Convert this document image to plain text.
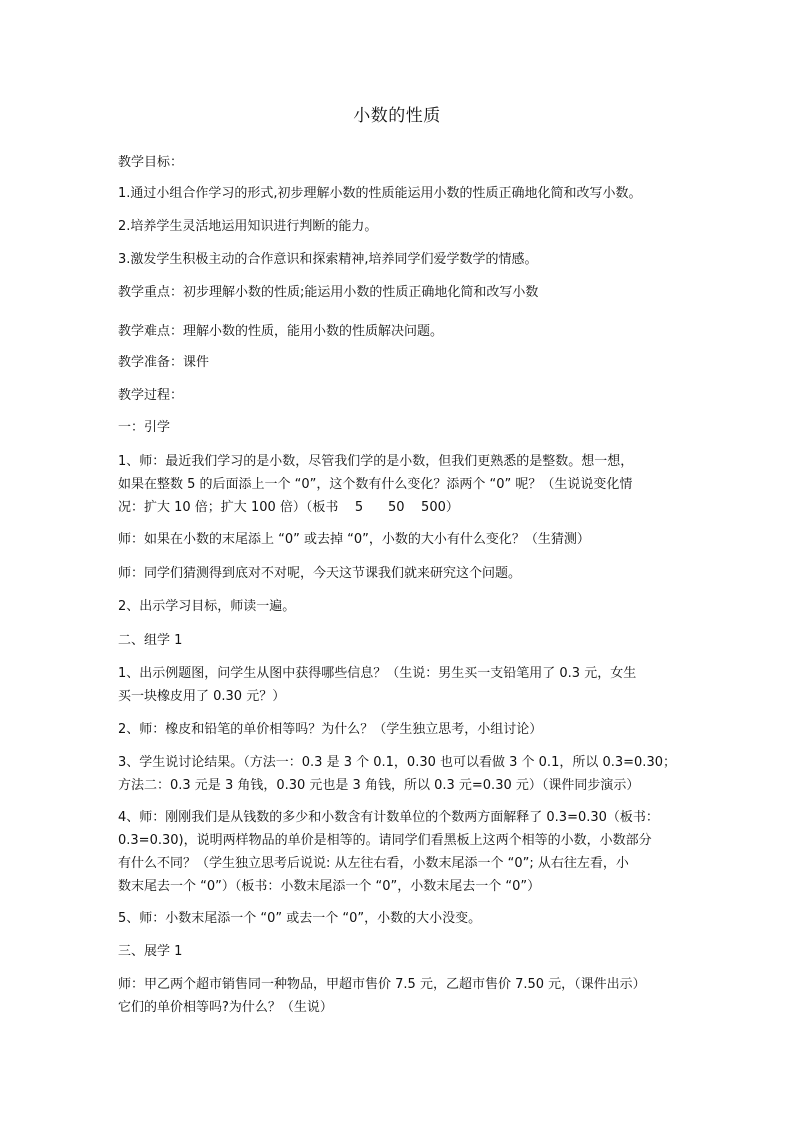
小数的性质
教学目标：
1.通过小组合作学习的形式,初步理解小数的性质能运用小数的性质正确地化简和改写小数。
2.培养学生灵活地运用知识进行判断的能力。
3.激发学生积极主动的合作意识和探索精神,培养同学们爱学数学的情感。
教学重点：初步理解小数的性质;能运用小数的性质正确地化简和改写小数
教学难点：理解小数的性质，能用小数的性质解决问题。
教学准备：课件
教学过程：
一：引学
1、师：最近我们学习的是小数，尽管我们学的是小数，但我们更熟悉的是整数。想一想，
如果在整数 5 的后面添上一个 “0”，这个数有什么变化？添两个 “0” 呢？（生说说变化情
况：扩大 10 倍；扩大 100 倍）（板书    5      50    500）
师：如果在小数的末尾添上 “0” 或去掉 “0”，小数的大小有什么变化？（生猜测）
师：同学们猜测得到底对不对呢，今天这节课我们就来研究这个问题。
2、出示学习目标，师读一遍。
二、组学 1
1、出示例题图，问学生从图中获得哪些信息？（生说：男生买一支铅笔用了 0.3 元，女生
买一块橡皮用了 0.30 元？）
2、师：橡皮和铅笔的单价相等吗？为什么？（学生独立思考，小组讨论）
3、学生说讨论结果。（方法一：0.3 是 3 个 0.1，0.30 也可以看做 3 个 0.1，所以 0.3=0.30；
方法二：0.3 元是 3 角钱，0.30 元也是 3 角钱，所以 0.3 元=0.30 元）（课件同步演示）
4、师：刚刚我们是从钱数的多少和小数含有计数单位的个数两方面解释了 0.3=0.30（板书：
0.3=0.30)，说明两样物品的单价是相等的。请同学们看黑板上这两个相等的小数，小数部分
有什么不同？（学生独立思考后说说: 从左往右看，小数末尾添一个 “0”; 从右往左看，小
数末尾去一个 “0”）（板书：小数末尾添一个 “0”，小数末尾去一个 “0”）
5、师：小数末尾添一个 “0” 或去一个 “0”，小数的大小没变。
三、展学 1
师：甲乙两个超市销售同一种物品，甲超市售价 7.5 元，乙超市售价 7.50 元，（课件出示）
它们的单价相等吗?为什么？（生说）
